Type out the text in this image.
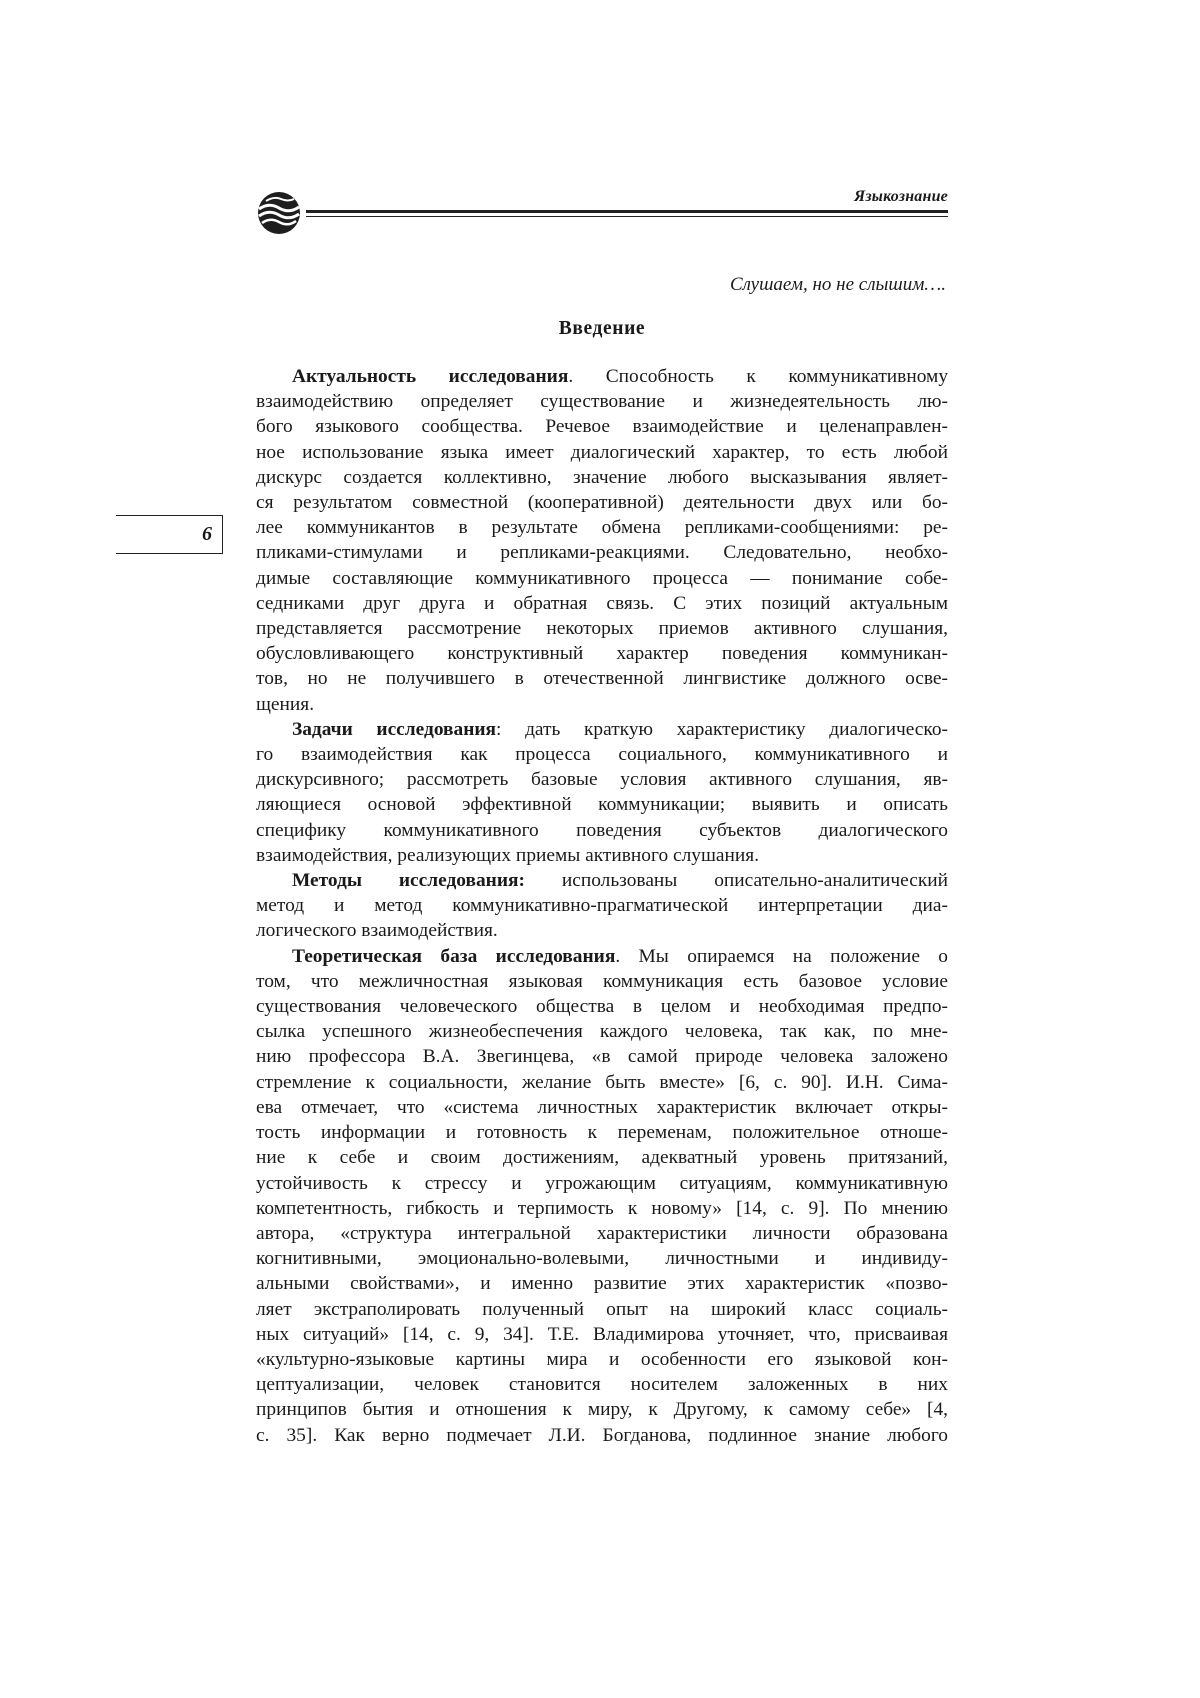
Языкознание
Слушаем, но не слышим….
Введение
6
Актуальность исследования. Способность к коммуникативному
взаимодействию определяет существование и жизнедеятельность лю-
бого языкового сообщества. Речевое взаимодействие и целенаправлен-
ное использование языка имеет диалогический характер, то есть любой
дискурс создается коллективно, значение любого высказывания являет-
ся результатом совместной (кооперативной) деятельности двух или бо-
лее коммуникантов в результате обмена репликами-сообщениями: ре-
пликами-стимулами и репликами-реакциями. Следовательно, необхо-
димые составляющие коммуникативного процесса — понимание собе-
седниками друг друга и обратная связь. С этих позиций актуальным
представляется рассмотрение некоторых приемов активного слушания,
обусловливающего конструктивный характер поведения коммуникан-
тов, но не получившего в отечественной лингвистике должного осве-
щения.
Задачи исследования: дать краткую характеристику диалогическо-
го взаимодействия как процесса социального, коммуникативного и
дискурсивного; рассмотреть базовые условия активного слушания, яв-
ляющиеся основой эффективной коммуникации; выявить и описать
специфику коммуникативного поведения субъектов диалогического
взаимодействия, реализующих приемы активного слушания.
Методы исследования: использованы описательно-аналитический
метод и метод коммуникативно-прагматической интерпретации диа-
логического взаимодействия.
Теоретическая база исследования. Мы опираемся на положение о
том, что межличностная языковая коммуникация есть базовое условие
существования человеческого общества в целом и необходимая предпо-
сылка успешного жизнеобеспечения каждого человека, так как, по мне-
нию профессора В.А. Звегинцева, «в самой природе человека заложено
стремление к социальности, желание быть вместе» [6, с. 90]. И.Н. Сима-
ева отмечает, что «система личностных характеристик включает откры-
тость информации и готовность к переменам, положительное отноше-
ние к себе и своим достижениям, адекватный уровень притязаний,
устойчивость к стрессу и угрожающим ситуациям, коммуникативную
компетентность, гибкость и терпимость к новому» [14, с. 9]. По мнению
автора, «структура интегральной характеристики личности образована
когнитивными, эмоционально-волевыми, личностными и индивиду-
альными свойствами», и именно развитие этих характеристик «позво-
ляет экстраполировать полученный опыт на широкий класс социаль-
ных ситуаций» [14, с. 9, 34]. Т.Е. Владимирова уточняет, что, присваивая
«культурно-языковые картины мира и особенности его языковой кон-
цептуализации, человек становится носителем заложенных в них
принципов бытия и отношения к миру, к Другому, к самому себе» [4,
с. 35]. Как верно подмечает Л.И. Богданова, подлинное знание любого
